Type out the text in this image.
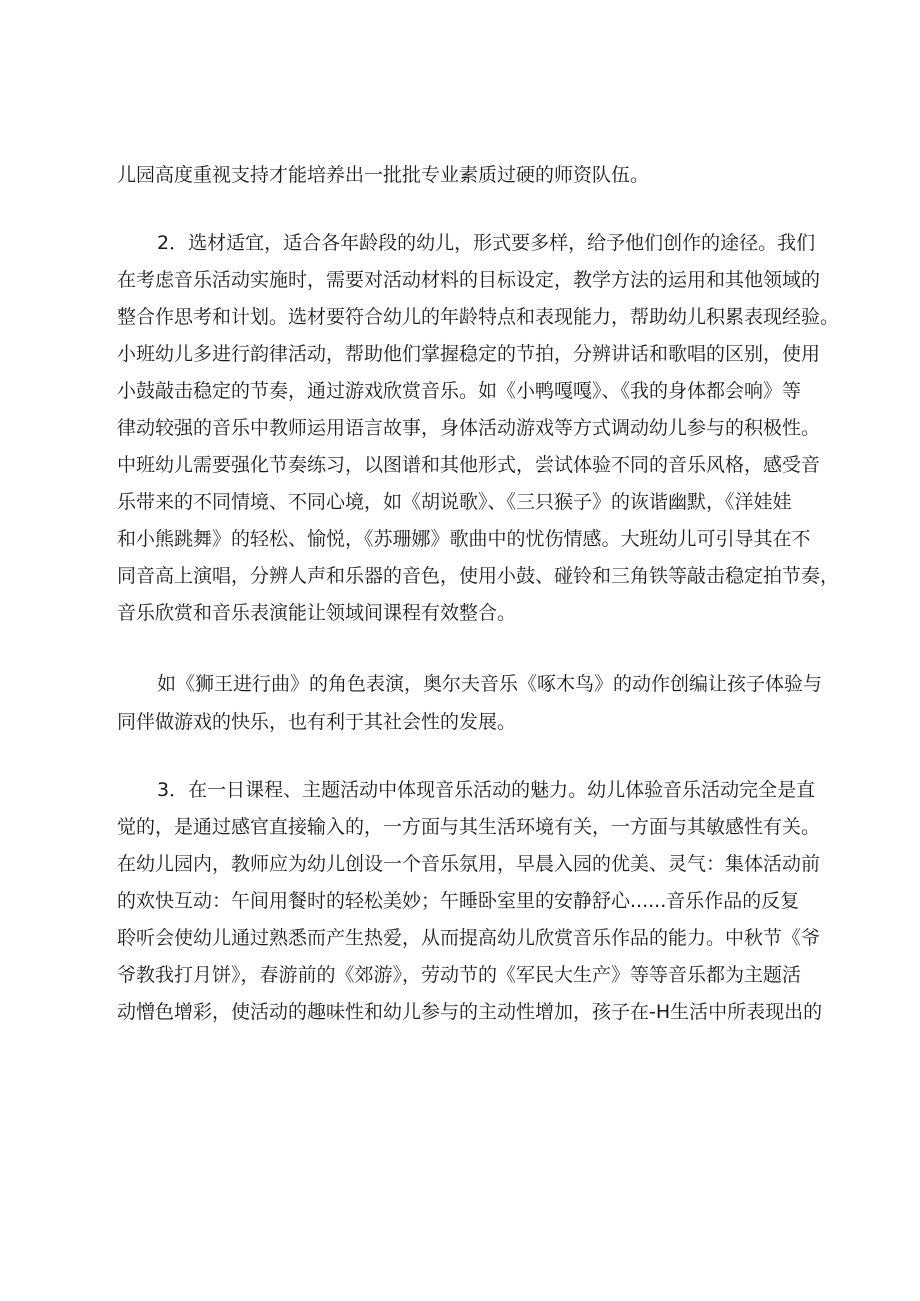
儿园高度重视支持才能培养出一批批专业素质过硬的师资队伍。
2．选材适宜，适合各年龄段的幼儿，形式要多样，给予他们创作的途径。我们
在考虑音乐活动实施时，需要对活动材料的目标设定，教学方法的运用和其他领域的
整合作思考和计划。选材要符合幼儿的年龄特点和表现能力，帮助幼儿积累表现经验。
小班幼儿多进行韵律活动，帮助他们掌握稳定的节拍，分辨讲话和歌唱的区别，使用
小鼓敲击稳定的节奏，通过游戏欣赏音乐。如《小鸭嘎嘎》、《我的身体都会响》等
律动较强的音乐中教师运用语言故事，身体活动游戏等方式调动幼儿参与的积极性。
中班幼儿需要强化节奏练习，以图谱和其他形式，尝试体验不同的音乐风格，感受音
乐带来的不同情境、不同心境，如《胡说歌》、《三只猴子》的诙谐幽默，《洋娃娃
和小熊跳舞》的轻松、愉悦，《苏珊娜》歌曲中的忧伤情感。大班幼儿可引导其在不
同音高上演唱，分辨人声和乐器的音色，使用小鼓、碰铃和三角铁等敲击稳定拍节奏，
音乐欣赏和音乐表演能让领域间课程有效整合。
如《狮王进行曲》的角色表演，奥尔夫音乐《啄木鸟》的动作创编让孩子体验与
同伴做游戏的快乐，也有利于其社会性的发展。
3．在一日课程、主题活动中体现音乐活动的魅力。幼儿体验音乐活动完全是直
觉的，是通过感官直接输入的，一方面与其生活环境有关，一方面与其敏感性有关。
在幼儿园内，教师应为幼儿创设一个音乐氛用，早晨入园的优美、灵气：集体活动前
的欢快互动：午间用餐时的轻松美妙；午睡卧室里的安静舒心......音乐作品的反复
聆听会使幼儿通过熟悉而产生热爱，从而提高幼儿欣赏音乐作品的能力。中秋节《爷
爷教我打月饼》，春游前的《郊游》，劳动节的《军民大生产》等等音乐都为主题活
动憎色增彩，使活动的趣味性和幼儿参与的主动性增加，孩子在-H生活中所表现出的
